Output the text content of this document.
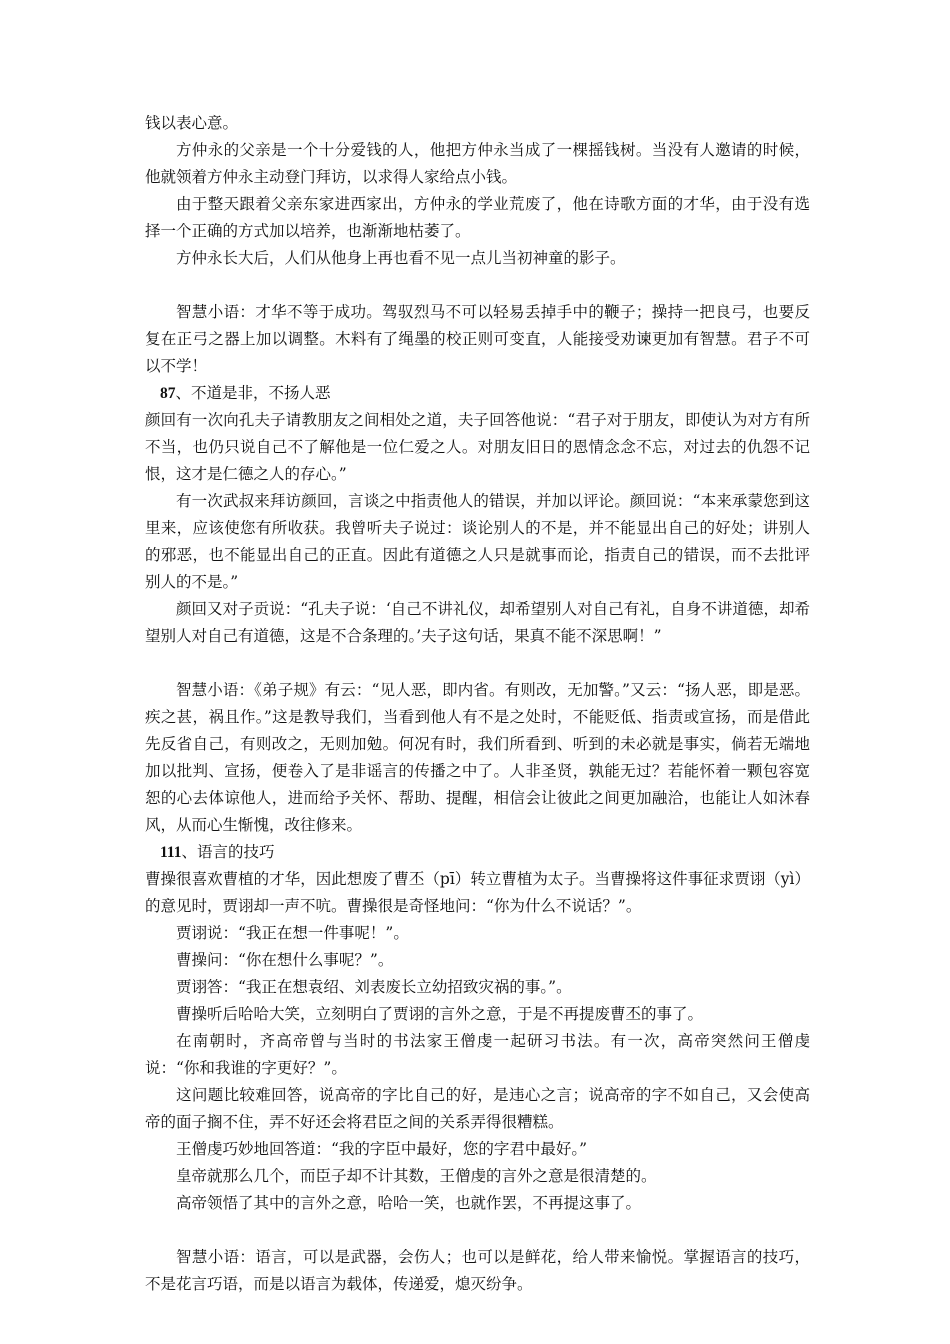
钱以表心意。

方仲永的父亲是一个十分爱钱的人，他把方仲永当成了一棵摇钱树。当没有人邀请的时候，他就领着方仲永主动登门拜访，以求得人家给点小钱。

由于整天跟着父亲东家进西家出，方仲永的学业荒废了，他在诗歌方面的才华，由于没有选择一个正确的方式加以培养，也渐渐地枯萎了。

方仲永长大后，人们从他身上再也看不见一点儿当初神童的影子。

智慧小语：才华不等于成功。驾驭烈马不可以轻易丢掉手中的鞭子；操持一把良弓，也要反复在正弓之器上加以调整。木料有了绳墨的校正则可变直，人能接受劝谏更加有智慧。君子不可以不学！

87、不道是非，不扬人恶

颜回有一次向孔夫子请教朋友之间相处之道，夫子回答他说：“君子对于朋友，即使认为对方有所不当，也仍只说自己不了解他是一位仁爱之人。对朋友旧日的恩情念念不忘，对过去的仇怨不记恨，这才是仁德之人的存心。”

有一次武叔来拜访颜回，言谈之中指责他人的错误，并加以评论。颜回说：“本来承蒙您到这里来，应该使您有所收获。我曾听夫子说过：谈论别人的不是，并不能显出自己的好处；讲别人的邪恶，也不能显出自己的正直。因此有道德之人只是就事而论，指责自己的错误，而不去批评别人的不是。”

颜回又对子贡说：“孔夫子说：‘自己不讲礼仪，却希望别人对自己有礼，自身不讲道德，却希望别人对自己有道德，这是不合条理的。’夫子这句话，果真不能不深思啊！”

智慧小语：《弟子规》有云：“见人恶，即内省。有则改，无加警。”又云：“扬人恶，即是恶。疾之甚，祸且作。”这是教导我们，当看到他人有不是之处时，不能贬低、指责或宣扬，而是借此先反省自己，有则改之，无则加勉。何况有时，我们所看到、听到的未必就是事实，倘若无端地加以批判、宣扬，便卷入了是非谣言的传播之中了。人非圣贤，孰能无过？若能怀着一颗包容宽恕的心去体谅他人，进而给予关怀、帮助、提醒，相信会让彼此之间更加融洽，也能让人如沐春风，从而心生惭愧，改往修来。

111、语言的技巧

曹操很喜欢曹植的才华，因此想废了曹丕（pī）转立曹植为太子。当曹操将这件事征求贾诩（yì）的意见时，贾诩却一声不吭。曹操很是奇怪地问：“你为什么不说话？”。

贾诩说：“我正在想一件事呢！”。

曹操问：“你在想什么事呢？”。

贾诩答：“我正在想袁绍、刘表废长立幼招致灾祸的事。”。

曹操听后哈哈大笑，立刻明白了贾诩的言外之意，于是不再提废曹丕的事了。

在南朝时，齐高帝曾与当时的书法家王僧虔一起研习书法。有一次，高帝突然问王僧虔说：“你和我谁的字更好？”。

这问题比较难回答，说高帝的字比自己的好，是违心之言；说高帝的字不如自己，又会使高帝的面子搁不住，弄不好还会将君臣之间的关系弄得很糟糕。

王僧虔巧妙地回答道：“我的字臣中最好，您的字君中最好。”

皇帝就那么几个，而臣子却不计其数，王僧虔的言外之意是很清楚的。

高帝领悟了其中的言外之意，哈哈一笑，也就作罢，不再提这事了。

智慧小语：语言，可以是武器，会伤人；也可以是鲜花，给人带来愉悦。掌握语言的技巧，不是花言巧语，而是以语言为载体，传递爱，熄灭纷争。
